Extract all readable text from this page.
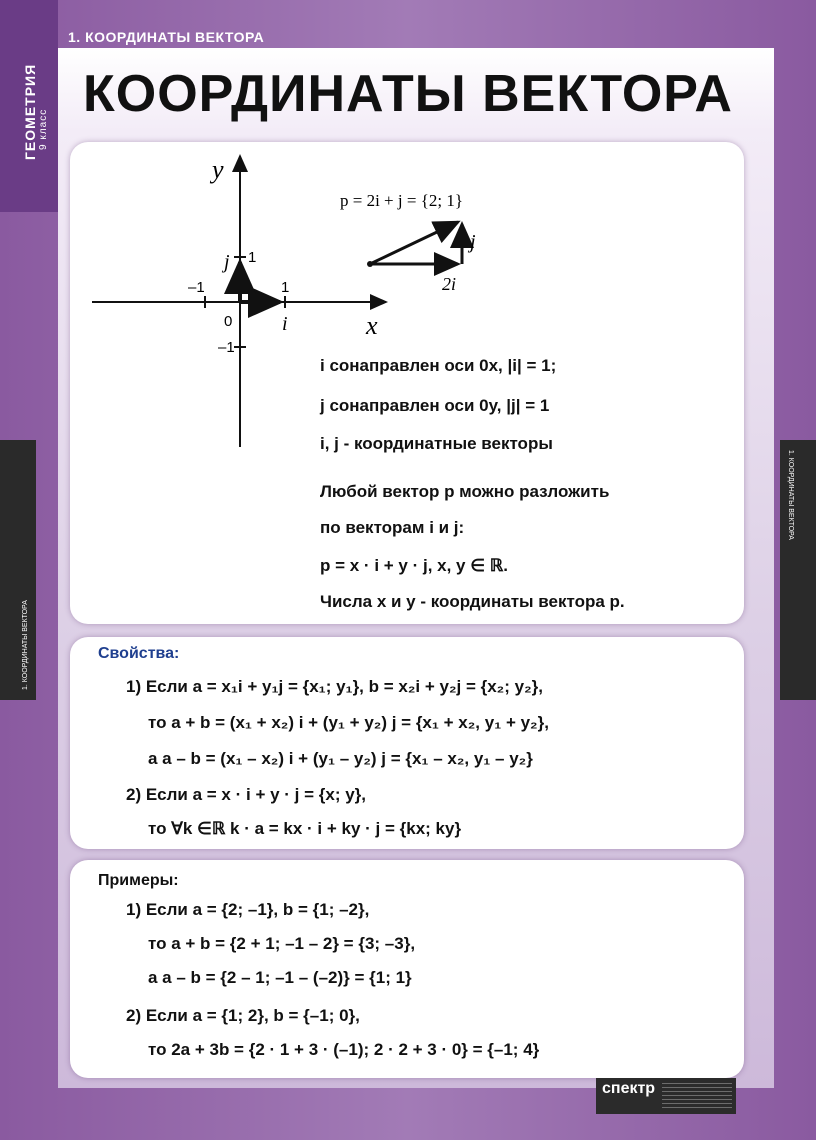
1. КООРДИНАТЫ ВЕКТОРА
ГЕОМЕТРИЯ 9 класс
1. КООРДИНАТЫ ВЕКТОРА
1. КООРДИНАТЫ ВЕКТОРА
КООРДИНАТЫ ВЕКТОРА
y
x
–1	1
1
–1
0 i
j
p = 2i + j = {2; 1}
j
2i
i сонаправлен оси 0x, |i| = 1;
j сонаправлен оси 0y, |j| = 1
i, j - координатные векторы
Любой вектор p можно разложить
по векторам i и j:
p = x · i + y · j, x, y ∈ ℝ.
Числа x и y - координаты вектора p.
Свойства:
1) Если a = x₁i + y₁j = {x₁; y₁}, b = x₂i + y₂j = {x₂; y₂},
то a + b = (x₁ + x₂) i + (y₁ + y₂) j = {x₁ + x₂, y₁ + y₂},
а a – b = (x₁ – x₂) i + (y₁ – y₂) j = {x₁ – x₂, y₁ – y₂}
2) Если a = x · i + y · j = {x; y},
то ∀k ∈ℝ k · a = kx · i + ky · j = {kx; ky}
Примеры:
1) Если a = {2; –1}, b = {1; –2},
то a + b = {2 + 1; –1 – 2} = {3; –3},
а a – b = {2 – 1; –1 – (–2)} = {1; 1}
2) Если a = {1; 2}, b = {–1; 0},
то 2a + 3b = {2 · 1 + 3 · (–1); 2 · 2 + 3 · 0} = {–1; 4}
спектр
